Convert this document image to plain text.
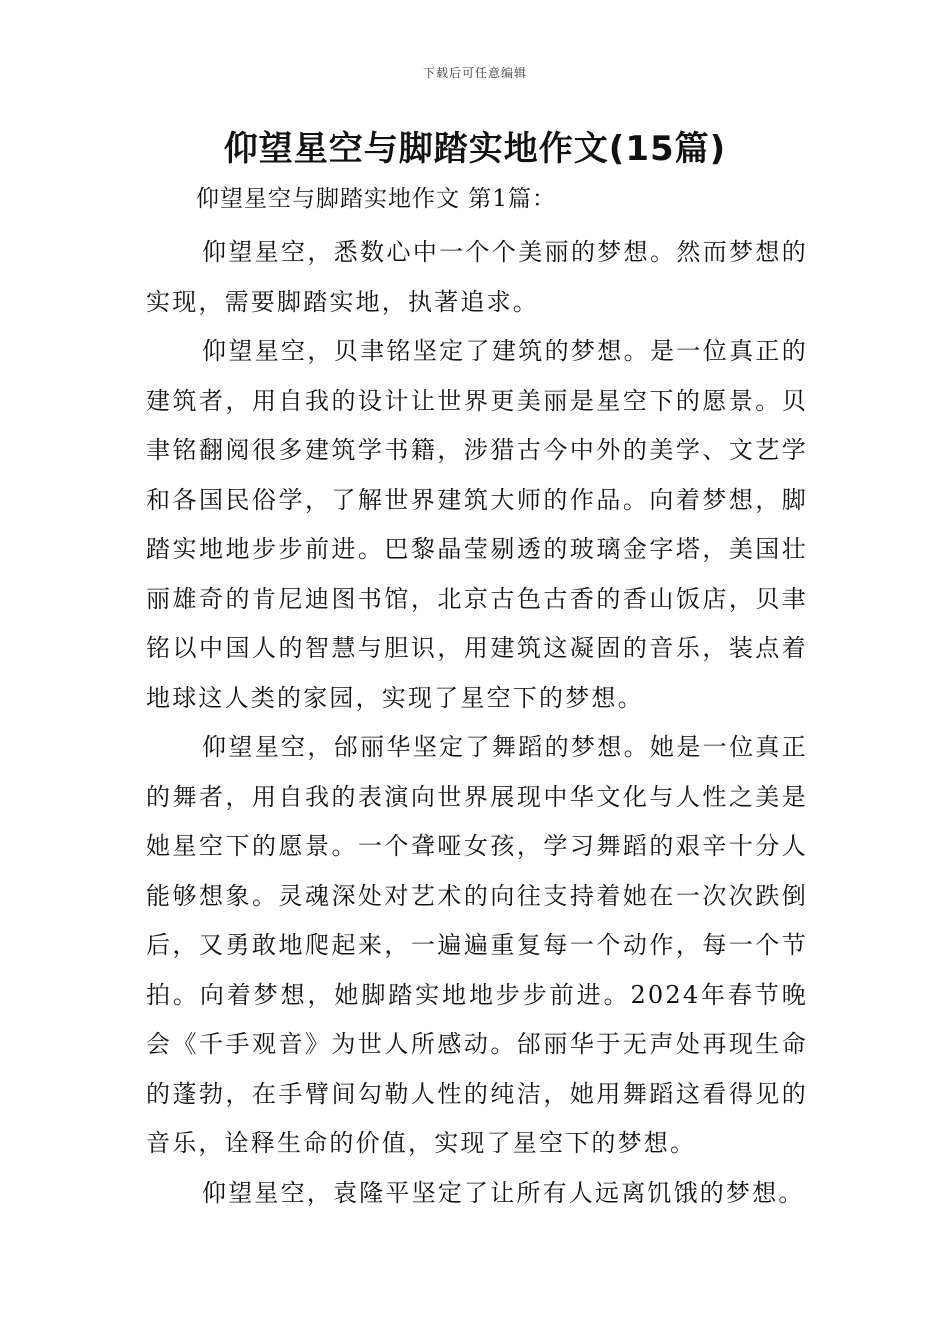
下载后可任意编辑
仰望星空与脚踏实地作文(15篇)
仰望星空与脚踏实地作文 第1篇：

仰望星空，悉数心中一个个美丽的梦想。然而梦想的实现，需要脚踏实地，执著追求。

仰望星空，贝聿铭坚定了建筑的梦想。是一位真正的建筑者，用自我的设计让世界更美丽是星空下的愿景。贝聿铭翻阅很多建筑学书籍，涉猎古今中外的美学、文艺学和各国民俗学，了解世界建筑大师的作品。向着梦想，脚踏实地地步步前进。巴黎晶莹剔透的玻璃金字塔，美国壮丽雄奇的肯尼迪图书馆，北京古色古香的香山饭店，贝聿铭以中国人的智慧与胆识，用建筑这凝固的音乐，装点着地球这人类的家园，实现了星空下的梦想。

仰望星空，邰丽华坚定了舞蹈的梦想。她是一位真正的舞者，用自我的表演向世界展现中华文化与人性之美是她星空下的愿景。一个聋哑女孩，学习舞蹈的艰辛十分人能够想象。灵魂深处对艺术的向往支持着她在一次次跌倒后，又勇敢地爬起来，一遍遍重复每一个动作，每一个节拍。向着梦想，她脚踏实地地步步前进。2024年春节晚会《千手观音》为世人所感动。邰丽华于无声处再现生命的蓬勃，在手臂间勾勒人性的纯洁，她用舞蹈这看得见的音乐，诠释生命的价值，实现了星空下的梦想。

仰望星空，袁隆平坚定了让所有人远离饥饿的梦想。
